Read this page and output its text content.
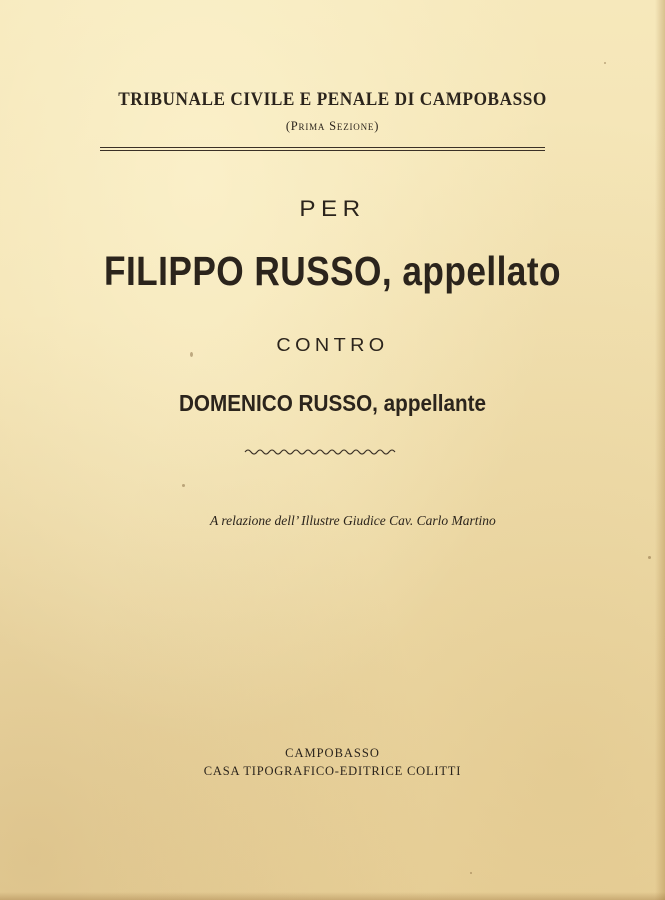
TRIBUNALE CIVILE E PENALE DI CAMPOBASSO
(Prima Sezione)
PER
FILIPPO RUSSO, appellato
CONTRO
DOMENICO RUSSO, appellante
A relazione dell’ Illustre Giudice Cav. Carlo Martino
CAMPOBASSO
CASA TIPOGRAFICO-EDITRICE COLITTI
